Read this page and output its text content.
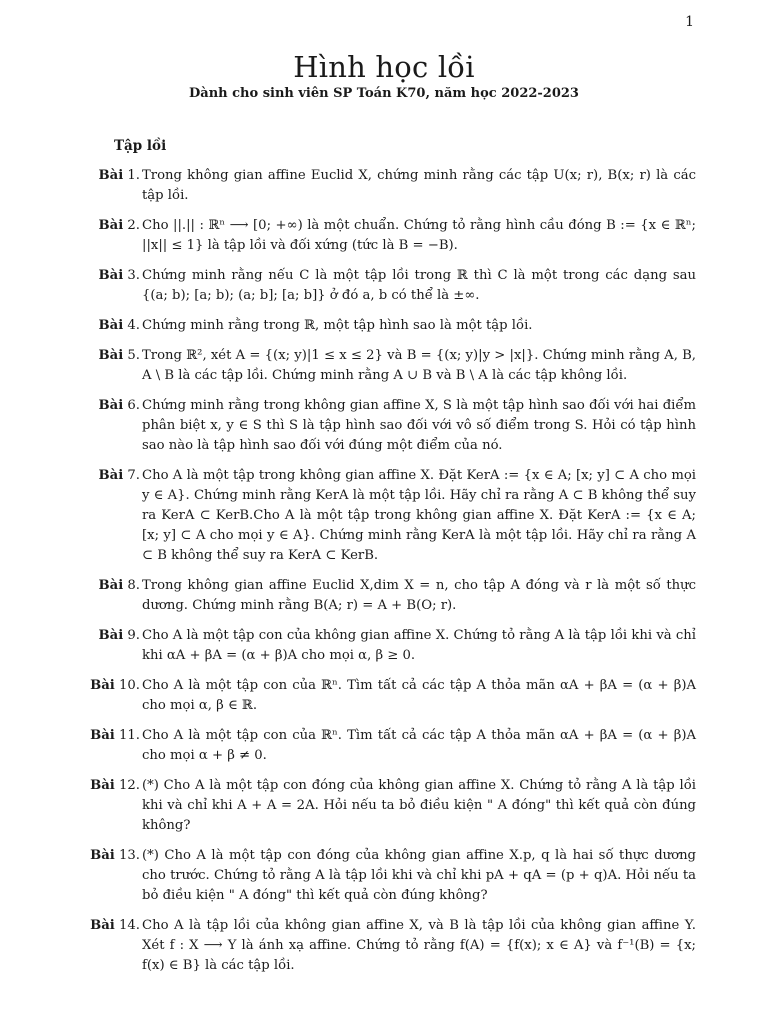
1
Hình học lồi
Dành cho sinh viên SP Toán K70, năm học 2022-2023
Tập lồi
Bài 1. Trong không gian affine Euclid X, chứng minh rằng các tập U(x; r), B(x; r) là các tập lồi.
Bài 2. Cho ||.|| : ℝⁿ ⟶ [0; +∞) là một chuẩn. Chứng tỏ rằng hình cầu đóng B := {x ∈ ℝⁿ; ||x|| ≤ 1} là tập lồi và đối xứng (tức là B = −B).
Bài 3. Chứng minh rằng nếu C là một tập lồi trong ℝ thì C là một trong các dạng sau {(a; b); [a; b); (a; b]; [a; b]} ở đó a, b có thể là ±∞.
Bài 4. Chứng minh rằng trong ℝ, một tập hình sao là một tập lồi.
Bài 5. Trong ℝ², xét A = {(x; y)|1 ≤ x ≤ 2} và B = {(x; y)|y > |x|}. Chứng minh rằng A, B, A \ B là các tập lồi. Chứng minh rằng A ∪ B và B \ A là các tập không lồi.
Bài 6. Chứng minh rằng trong không gian affine X, S là một tập hình sao đối với hai điểm phân biệt x, y ∈ S thì S là tập hình sao đối với vô số điểm trong S. Hỏi có tập hình sao nào là tập hình sao đối với đúng một điểm của nó.
Bài 7. Cho A là một tập trong không gian affine X. Đặt KerA := {x ∈ A; [x; y] ⊂ A cho mọi y ∈ A}. Chứng minh rằng KerA là một tập lồi. Hãy chỉ ra rằng A ⊂ B không thể suy ra KerA ⊂ KerB.Cho A là một tập trong không gian affine X. Đặt KerA := {x ∈ A; [x; y] ⊂ A cho mọi y ∈ A}. Chứng minh rằng KerA là một tập lồi. Hãy chỉ ra rằng A ⊂ B không thể suy ra KerA ⊂ KerB.
Bài 8. Trong không gian affine Euclid X,dim X = n, cho tập A đóng và r là một số thực dương. Chứng minh rằng B(A; r) = A + B(O; r).
Bài 9. Cho A là một tập con của không gian affine X. Chứng tỏ rằng A là tập lồi khi và chỉ khi αA + βA = (α + β)A cho mọi α, β ≥ 0.
Bài 10. Cho A là một tập con của ℝⁿ. Tìm tất cả các tập A thỏa mãn αA + βA = (α + β)A cho mọi α, β ∈ ℝ.
Bài 11. Cho A là một tập con của ℝⁿ. Tìm tất cả các tập A thỏa mãn αA + βA = (α + β)A cho mọi α + β ≠ 0.
Bài 12. (*) Cho A là một tập con đóng của không gian affine X. Chứng tỏ rằng A là tập lồi khi và chỉ khi A + A = 2A. Hỏi nếu ta bỏ điều kiện " A đóng" thì kết quả còn đúng không?
Bài 13. (*) Cho A là một tập con đóng của không gian affine X.p, q là hai số thực dương cho trước. Chứng tỏ rằng A là tập lồi khi và chỉ khi pA + qA = (p + q)A. Hỏi nếu ta bỏ điều kiện " A đóng" thì kết quả còn đúng không?
Bài 14. Cho A là tập lồi của không gian affine X, và B là tập lồi của không gian affine Y. Xét f : X ⟶ Y là ánh xạ affine. Chứng tỏ rằng f(A) = {f(x); x ∈ A} và f⁻¹(B) = {x; f(x) ∈ B} là các tập lồi.
